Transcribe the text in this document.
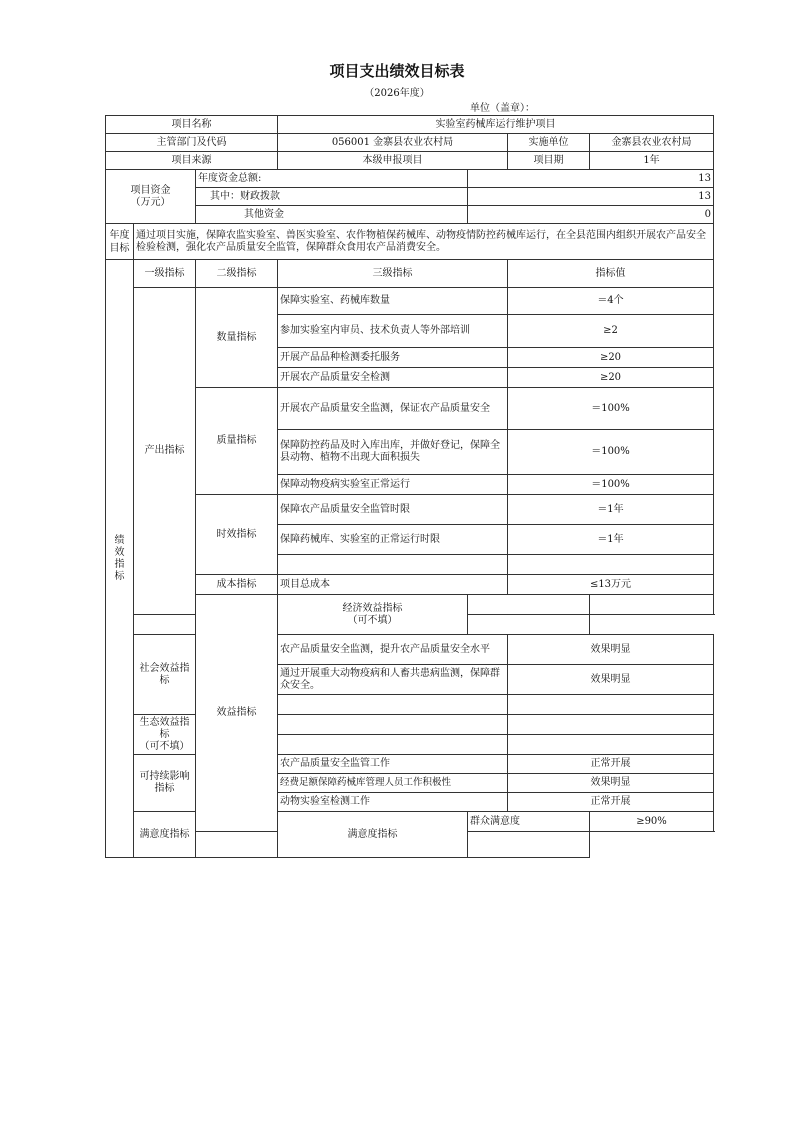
项目支出绩效目标表
（2026年度）
单位（盖章）：
项目名称			实验室药械库运行维护项目			
主管部门及代码			056001 金寨县农业农村局		实施单位	金寨县农业农村局
项目来源			本级申报项目		项目期	1年
项目资金
（万元）		年度资金总额:		13		
		其中：财政拨款		13		
		其他资金		0		
年度
目标	通过项目实施，保障农监实验室、兽医实验室、农作物植保药械库、动物疫情防控药械库运行，在全县范围内组织开展农产品安全检验检测，强化农产品质量安全监管，保障群众食用农产品消费安全。					
绩
效
指
标	一级指标	二级指标	三级指标		指标值	
	产出指标	数量指标	保障实验室、药械库数量		＝4个	
			参加实验室内审员、技术负责人等外部培训		≥2	
			开展产品品种检测委托服务		≥20	
			开展农产品质量安全检测		≥20	
		质量指标	开展农产品质量安全监测，保证农产品质量安全		＝100%	
			保障防控药品及时入库出库，并做好登记，保障全县动物、植物不出现大面积损失		＝100%	
			保障动物疫病实验室正常运行		＝100%	
		时效指标	保障农产品质量安全监管时限		＝1年	
			保障药械库、实验室的正常运行时限		＝1年	

		成本指标	项目总成本		≤13万元	
		效益指标	经济效益指标
（可不填）			

	社会效益指标		农产品质量安全监测，提升农产品质量安全水平		效果明显	
			通过开展重大动物疫病和人畜共患病监测，保障群众安全。		效果明显	

	生态效益指标
（可不填）					

	可持续影响指标		农产品质量安全监管工作		正常开展	
			经费足额保障药械库管理人员工作积极性		效果明显	
			动物实验室检测工作		正常开展	
	满意度指标		满意度指标	群众满意度		≥90%
